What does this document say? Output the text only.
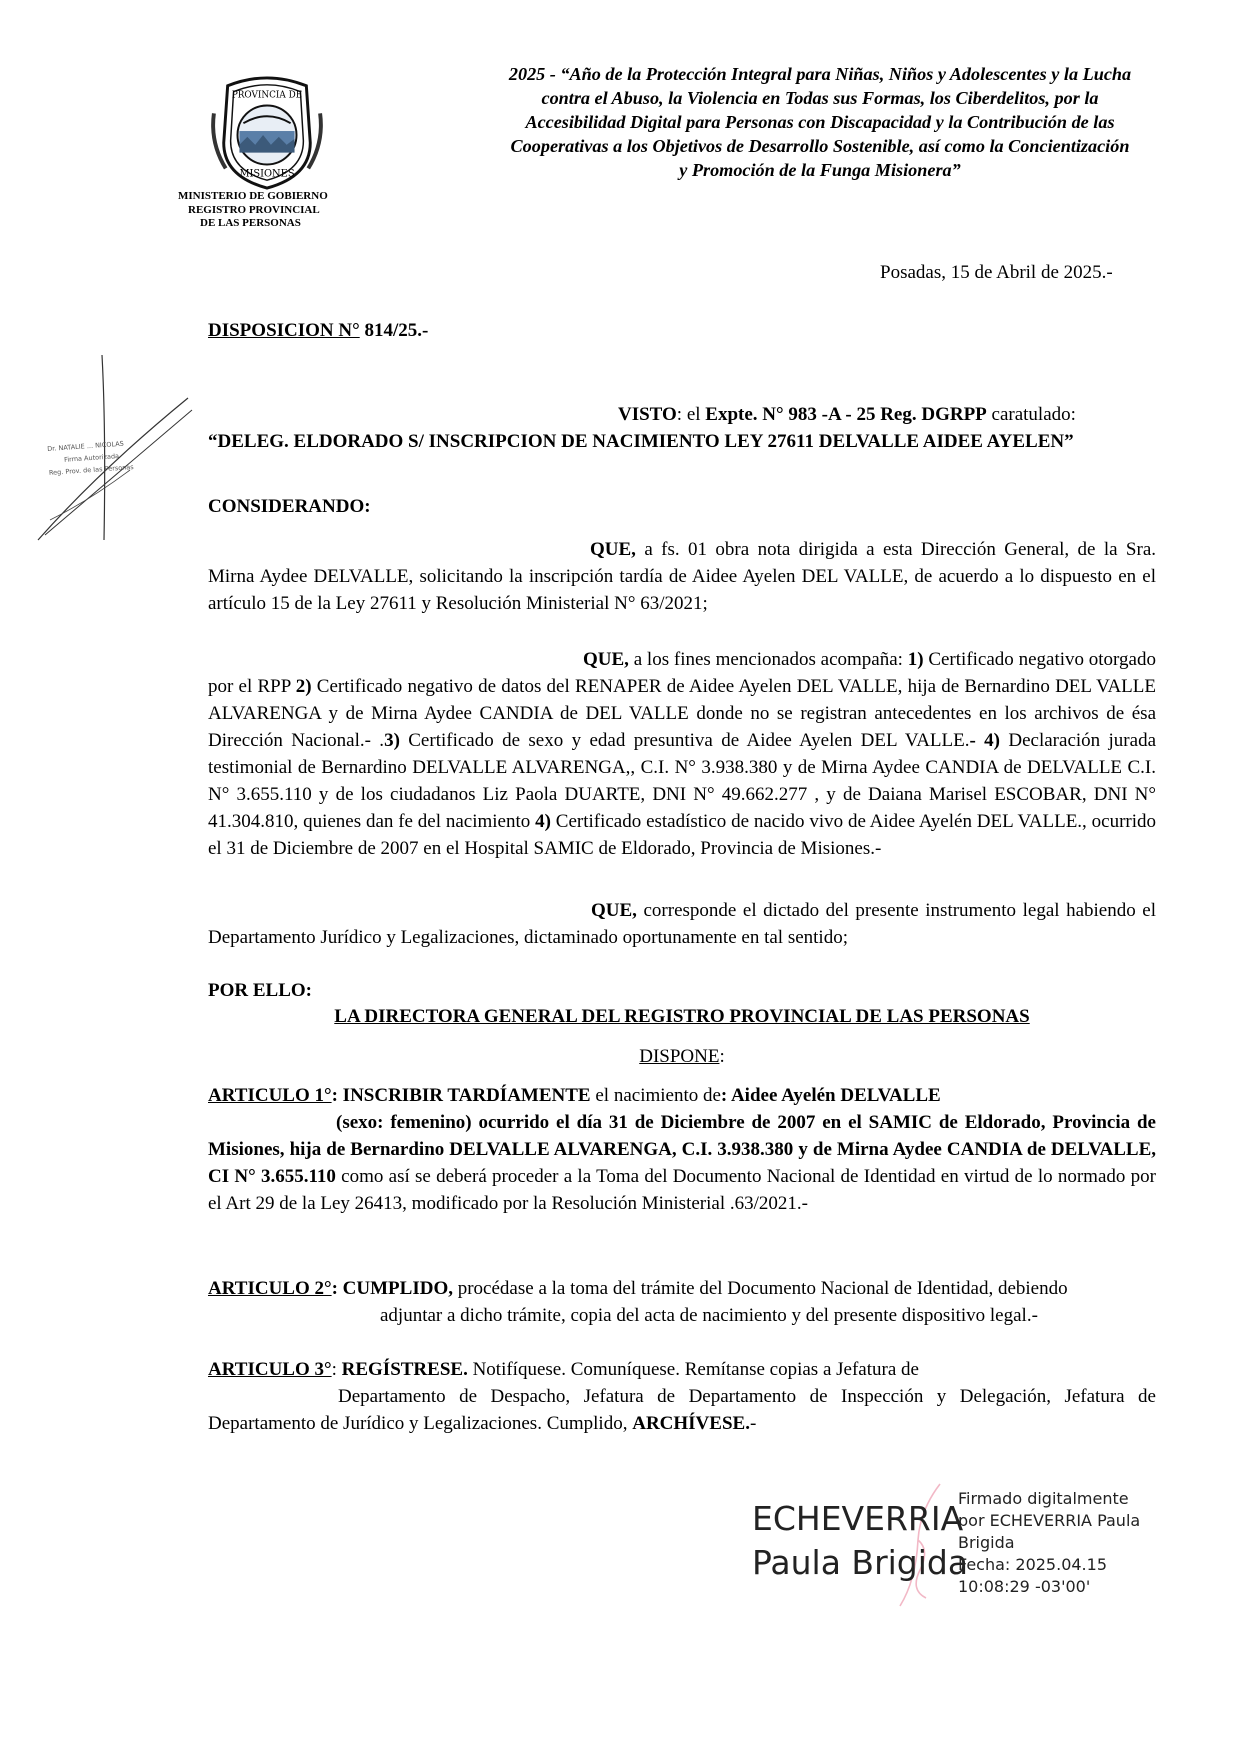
2025 - “Año de la Protección Integral para Niñas, Niños y Adolescentes y la Lucha
contra el Abuso, la Violencia en Todas sus Formas, los Ciberdelitos, por la
Accesibilidad Digital para Personas con Discapacidad y la Contribución de las
Cooperativas a los Objetivos de Desarrollo Sostenible, así como la Concientización
y Promoción de la Funga Misionera”
PROVINCIA DE
MISIONES
MINISTERIO DE GOBIERNO
REGISTRO PROVINCIAL
DE LAS PERSONAS
Dr. NATALIE ... NICOLAS
Firma Autorizada
Reg. Prov. de las Personas
Posadas, 15 de Abril de 2025.-
DISPOSICION N° 814/25.-
VISTO: el Expte. N° 983 -A - 25 Reg. DGRPP caratulado:
“DELEG. ELDORADO S/ INSCRIPCION DE NACIMIENTO LEY 27611 DELVALLE AIDEE AYELEN”
CONSIDERANDO:
QUE, a fs. 01 obra nota dirigida a esta Dirección General, de la Sra. Mirna Aydee DELVALLE, solicitando la inscripción tardía de Aidee Ayelen DEL VALLE, de acuerdo a lo dispuesto en el artículo 15 de la Ley 27611 y Resolución Ministerial N° 63/2021;
QUE, a los fines mencionados acompaña: 1) Certificado negativo otorgado por el RPP 2) Certificado negativo de datos del RENAPER de Aidee Ayelen DEL VALLE, hija de Bernardino DEL VALLE ALVARENGA y de Mirna Aydee CANDIA de DEL VALLE donde no se registran antecedentes en los archivos de ésa Dirección Nacional.- .3) Certificado de sexo y edad presuntiva de Aidee Ayelen DEL VALLE.- 4) Declaración jurada testimonial de Bernardino DELVALLE ALVARENGA,, C.I. N° 3.938.380 y de Mirna Aydee CANDIA de DELVALLE C.I. N° 3.655.110 y de los ciudadanos Liz Paola DUARTE, DNI N° 49.662.277 , y de Daiana Marisel ESCOBAR, DNI N° 41.304.810, quienes dan fe del nacimiento 4) Certificado estadístico de nacido vivo de Aidee Ayelén DEL VALLE., ocurrido el 31 de Diciembre de 2007 en el Hospital SAMIC de Eldorado, Provincia de Misiones.-
QUE, corresponde el dictado del presente instrumento legal habiendo el Departamento Jurídico y Legalizaciones, dictaminado oportunamente en tal sentido;
POR ELLO:
LA DIRECTORA GENERAL DEL REGISTRO PROVINCIAL DE LAS PERSONAS
DISPONE:
ARTICULO 1°: INSCRIBIR TARDÍAMENTE el nacimiento de: Aidee Ayelén DELVALLE
(sexo: femenino) ocurrido el día 31 de Diciembre de 2007 en el SAMIC de Eldorado, Provincia de Misiones, hija de Bernardino DELVALLE ALVARENGA, C.I. 3.938.380 y de Mirna Aydee CANDIA de DELVALLE, CI N° 3.655.110 como así se deberá proceder a la Toma del Documento Nacional de Identidad en virtud de lo normado por el Art 29 de la Ley 26413, modificado por la Resolución Ministerial .63/2021.-
ARTICULO 2°: CUMPLIDO, procédase a la toma del trámite del Documento Nacional de Identidad, debiendo
adjuntar a dicho trámite, copia del acta de nacimiento y del presente dispositivo legal.-
ARTICULO 3°: REGÍSTRESE. Notifíquese. Comuníquese. Remítanse copias a Jefatura de
Departamento de Despacho, Jefatura de Departamento de Inspección y Delegación, Jefatura de Departamento de Jurídico y Legalizaciones. Cumplido, ARCHÍVESE.-
ECHEVERRIA
Paula Brigida
Firmado digitalmente
por ECHEVERRIA Paula
Brigida
Fecha: 2025.04.15
10:08:29 -03'00'
